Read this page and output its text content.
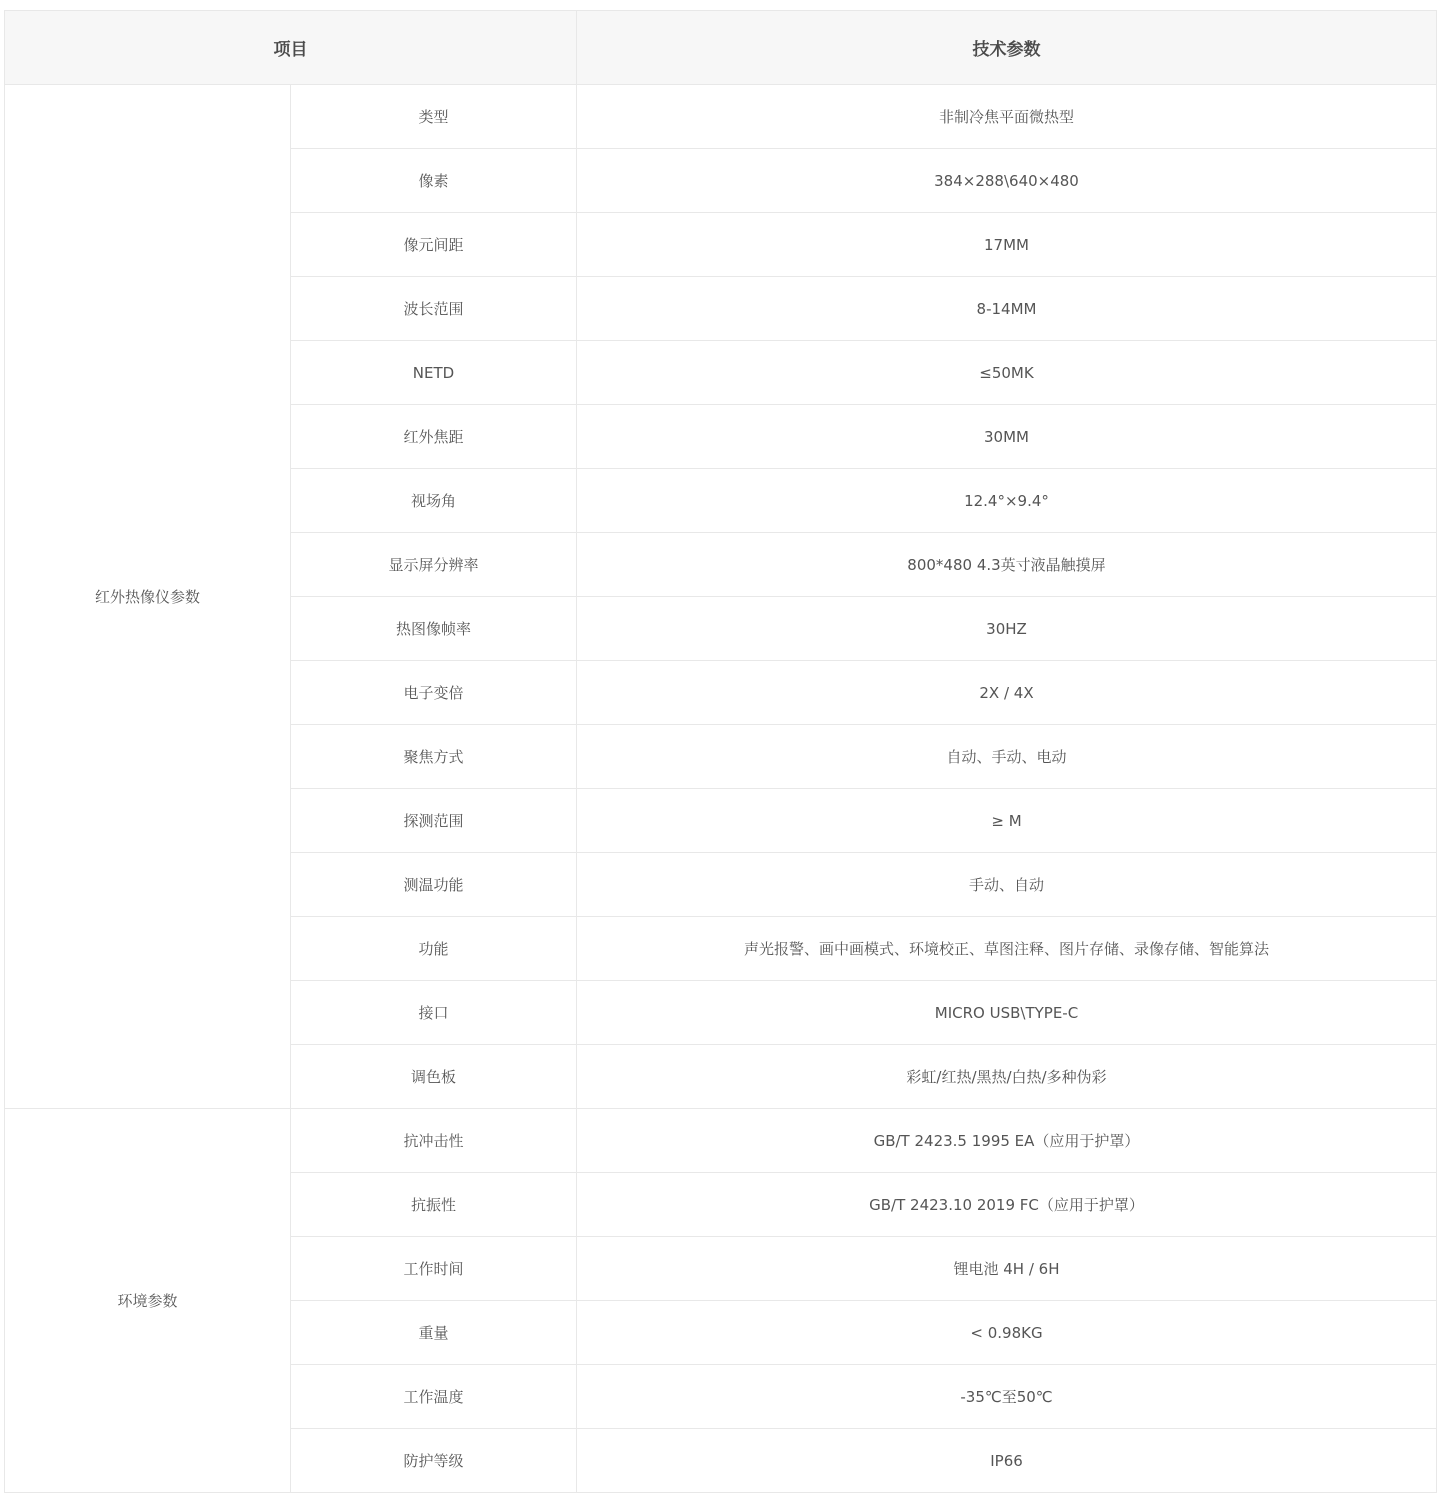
项目		技术参数
红外热像仪参数	类型	非制冷焦平面微热型
	像素	384×288\640×480
	像元间距	17MM
	波长范围	8-14MM
	NETD	≤50MK
	红外焦距	30MM
	视场角	12.4°×9.4°
	显示屏分辨率	800*480 4.3英寸液晶触摸屏
	热图像帧率	30HZ
	电子变倍	2X / 4X
	聚焦方式	自动、手动、电动
	探测范围	≥ M
	测温功能	手动、自动
	功能	声光报警、画中画模式、环境校正、草图注释、图片存储、录像存储、智能算法
	接口	MICRO USB\TYPE-C
	调色板	彩虹/红热/黑热/白热/多种伪彩
环境参数	抗冲击性	GB/T 2423.5 1995 EA（应用于护罩）
	抗振性	GB/T 2423.10 2019 FC（应用于护罩）
	工作时间	锂电池 4H / 6H
	重量	< 0.98KG
	工作温度	-35℃至50℃
	防护等级	IP66
